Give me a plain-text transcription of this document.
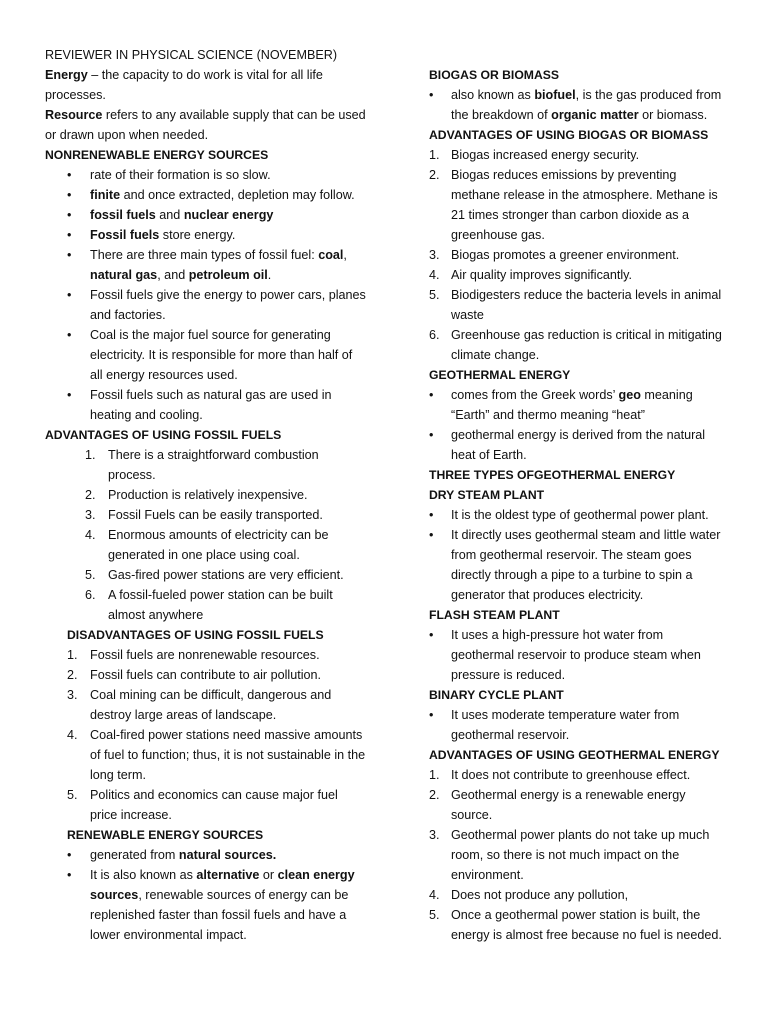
REVIEWER IN PHYSICAL SCIENCE (NOVEMBER)

Energy – the capacity to do work is vital for all life processes.

Resource refers to any available supply that can be used or drawn upon when needed.

NONRENEWABLE ENERGY SOURCES
• rate of their formation is so slow.
• finite and once extracted, depletion may follow.
• fossil fuels and nuclear energy
• Fossil fuels store energy.
• There are three main types of fossil fuel: coal, natural gas, and petroleum oil.
• Fossil fuels give the energy to power cars, planes and factories.
• Coal is the major fuel source for generating electricity. It is responsible for more than half of all energy resources used.
• Fossil fuels such as natural gas are used in heating and cooling.
ADVANTAGES OF USING FOSSIL FUELS
1. There is a straightforward combustion process.
2. Production is relatively inexpensive.
3. Fossil Fuels can be easily transported.
4. Enormous amounts of electricity can be generated in one place using coal.
5. Gas-fired power stations are very efficient.
6. A fossil-fueled power station can be built almost anywhere
DISADVANTAGES OF USING FOSSIL FUELS
1. Fossil fuels are nonrenewable resources.
2. Fossil fuels can contribute to air pollution.
3. Coal mining can be difficult, dangerous and destroy large areas of landscape.
4. Coal-fired power stations need massive amounts of fuel to function; thus, it is not sustainable in the long term.
5. Politics and economics can cause major fuel price increase.
RENEWABLE ENERGY SOURCES
• generated from natural sources.
• It is also known as alternative or clean energy sources, renewable sources of energy can be replenished faster than fossil fuels and have a lower environmental impact.
BIOGAS OR BIOMASS
• also known as biofuel, is the gas produced from the breakdown of organic matter or biomass.
ADVANTAGES OF USING BIOGAS OR BIOMASS
1. Biogas increased energy security.
2. Biogas reduces emissions by preventing methane release in the atmosphere. Methane is 21 times stronger than carbon dioxide as a greenhouse gas.
3. Biogas promotes a greener environment.
4. Air quality improves significantly.
5. Biodigesters reduce the bacteria levels in animal waste
6. Greenhouse gas reduction is critical in mitigating climate change.
GEOTHERMAL ENERGY
• comes from the Greek words’ geo meaning “Earth” and thermo meaning “heat”
• geothermal energy is derived from the natural heat of Earth.
THREE TYPES OFGEOTHERMAL ENERGY
DRY STEAM PLANT
• It is the oldest type of geothermal power plant.
• It directly uses geothermal steam and little water from geothermal reservoir. The steam goes directly through a pipe to a turbine to spin a generator that produces electricity.
FLASH STEAM PLANT
• It uses a high-pressure hot water from geothermal reservoir to produce steam when pressure is reduced.
BINARY CYCLE PLANT
• It uses moderate temperature water from geothermal reservoir.
ADVANTAGES OF USING GEOTHERMAL ENERGY
1. It does not contribute to greenhouse effect.
2. Geothermal energy is a renewable energy source.
3. Geothermal power plants do not take up much room, so there is not much impact on the environment.
4. Does not produce any pollution,
5. Once a geothermal power station is built, the energy is almost free because no fuel is needed.
